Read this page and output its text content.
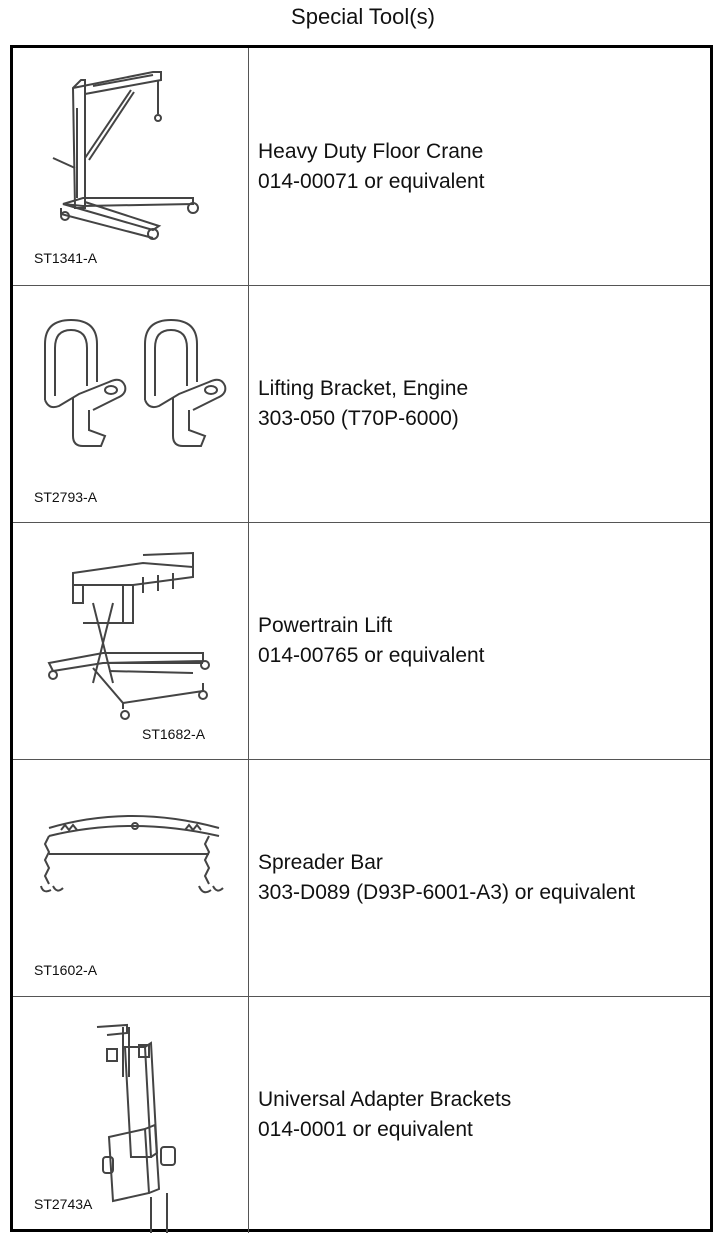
Special Tool(s)
ST1341-A
Heavy Duty Floor Crane
014-00071 or equivalent
ST2793-A
Lifting Bracket, Engine
303-050 (T70P-6000)
ST1682-A
Powertrain Lift
014-00765 or equivalent
ST1602-A
Spreader Bar
303-D089 (D93P-6001-A3) or equivalent
ST2743A
Universal Adapter Brackets
014-0001 or equivalent
